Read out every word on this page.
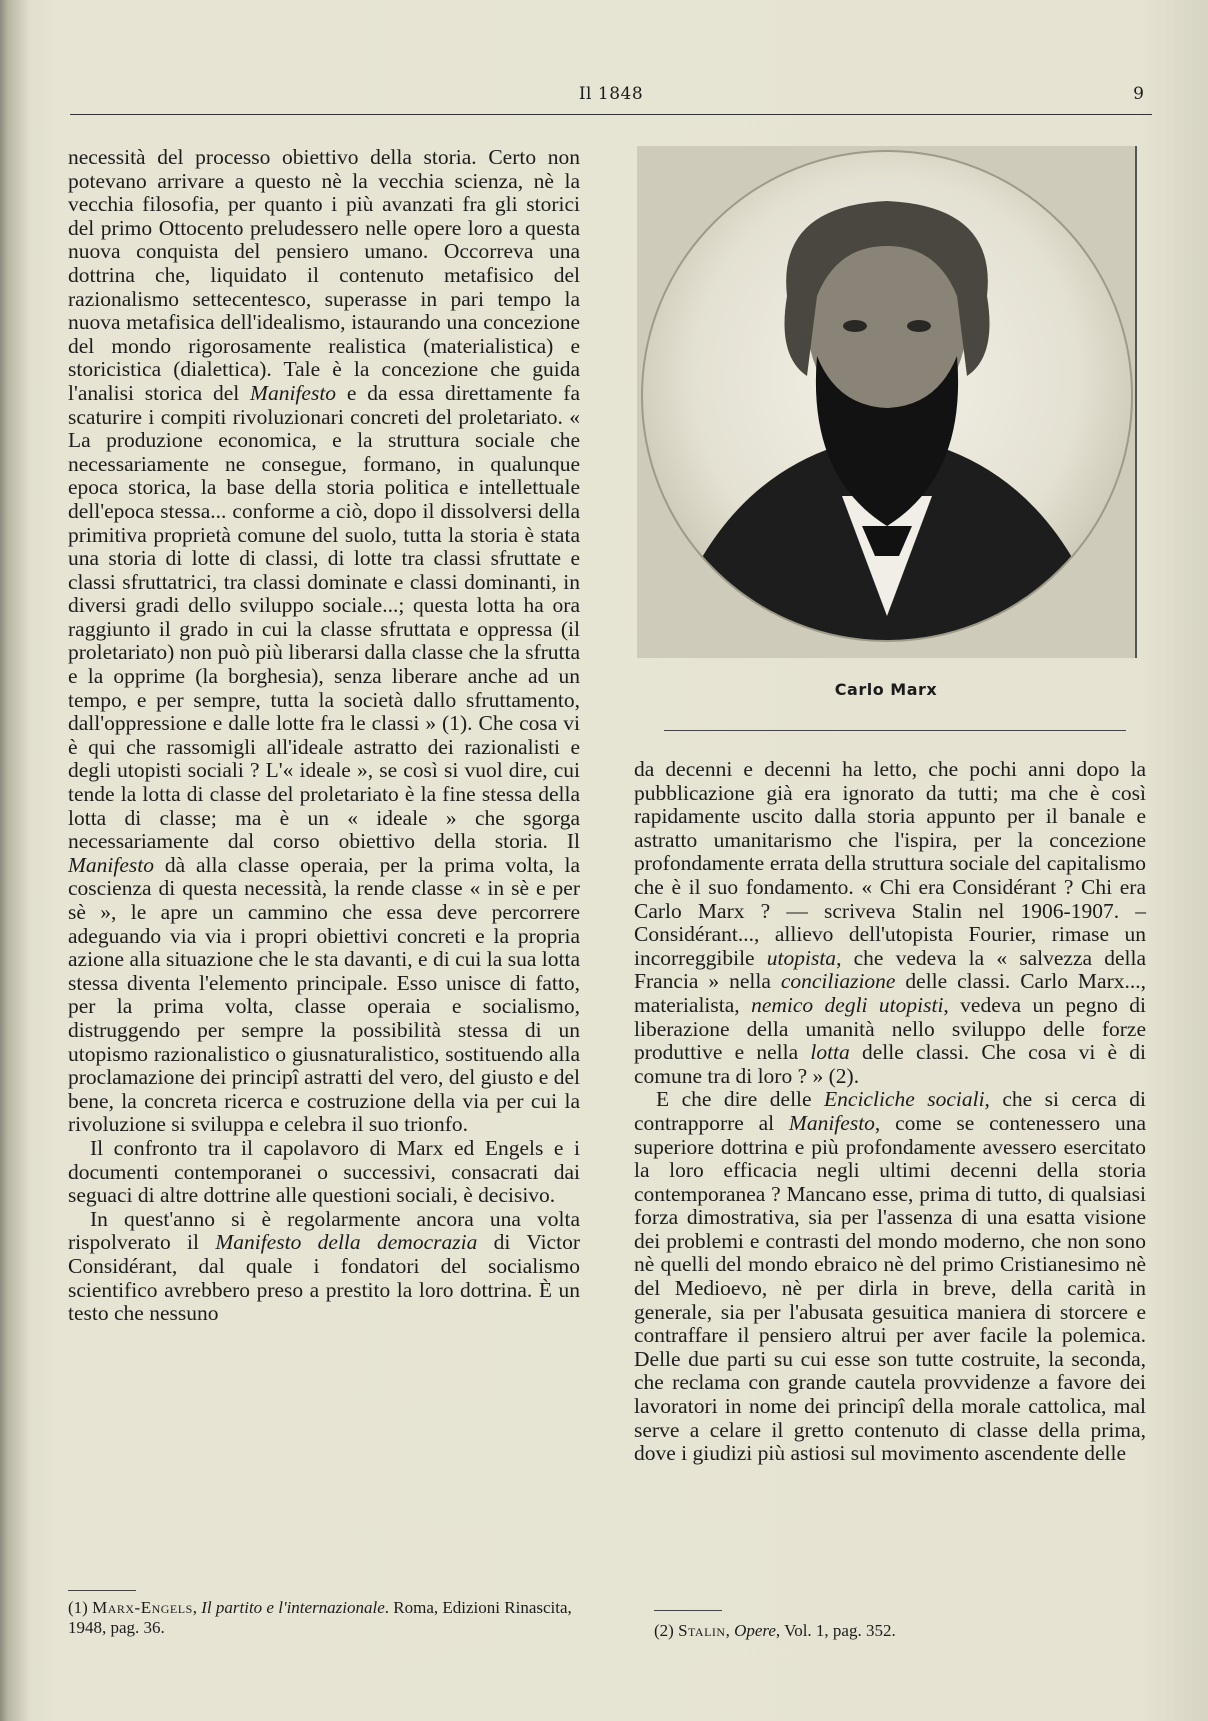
Il 1848	9

necessità del processo obiettivo della storia. Certo non potevano arrivare a questo nè la vecchia scienza, nè la vecchia filosofia, per quanto i più avanzati fra gli storici del primo Ottocento preludessero nelle opere loro a questa nuova conquista del pensiero umano. Occorreva una dottrina che, liquidato il contenuto metafisico del razionalismo settecentesco, superasse in pari tempo la nuova metafisica dell'idealismo, istaurando una concezione del mondo rigorosamente realistica (materialistica) e storicistica (dialettica). Tale è la concezione che guida l'analisi storica del Manifesto e da essa direttamente fa scaturire i compiti rivoluzionari concreti del proletariato. « La produzione economica, e la struttura sociale che necessariamente ne consegue, formano, in qualunque epoca storica, la base della storia politica e intellettuale dell'epoca stessa... conforme a ciò, dopo il dissolversi della primitiva proprietà comune del suolo, tutta la storia è stata una storia di lotte di classi, di lotte tra classi sfruttate e classi sfruttatrici, tra classi dominate e classi dominanti, in diversi gradi dello sviluppo sociale...; questa lotta ha ora raggiunto il grado in cui la classe sfruttata e oppressa (il proletariato) non può più liberarsi dalla classe che la sfrutta e la opprime (la borghesia), senza liberare anche ad un tempo, e per sempre, tutta la società dallo sfruttamento, dall'oppressione e dalle lotte fra le classi » (1). Che cosa vi è qui che rassomigli all'ideale astratto dei razionalisti e degli utopisti sociali ? L'« ideale », se così si vuol dire, cui tende la lotta di classe del proletariato è la fine stessa della lotta di classe; ma è un « ideale » che sgorga necessariamente dal corso obiettivo della storia. Il Manifesto dà alla classe operaia, per la prima volta, la coscienza di questa necessità, la rende classe « in sè e per sè », le apre un cammino che essa deve percorrere adeguando via via i propri obiettivi concreti e la propria azione alla situazione che le sta davanti, e di cui la sua lotta stessa diventa l'elemento principale. Esso unisce di fatto, per la prima volta, classe operaia e socialismo, distruggendo per sempre la possibilità stessa di un utopismo razionalistico o giusnaturalistico, sostituendo alla proclamazione dei principî astratti del vero, del giusto e del bene, la concreta ricerca e costruzione della via per cui la rivoluzione si sviluppa e celebra il suo trionfo.

Il confronto tra il capolavoro di Marx ed Engels e i documenti contemporanei o successivi, consacrati dai seguaci di altre dottrine alle questioni sociali, è decisivo.

In quest'anno si è regolarmente ancora una volta rispolverato il Manifesto della democrazia di Victor Considérant, dal quale i fondatori del socialismo scientifico avrebbero preso a prestito la loro dottrina. È un testo che nessuno

Carlo Marx

da decenni e decenni ha letto, che pochi anni dopo la pubblicazione già era ignorato da tutti; ma che è così rapidamente uscito dalla storia appunto per il banale e astratto umanitarismo che l'ispira, per la concezione profondamente errata della struttura sociale del capitalismo che è il suo fondamento. « Chi era Considérant ? Chi era Carlo Marx ? — scriveva Stalin nel 1906-1907. – Considérant..., allievo dell'utopista Fourier, rimase un incorreggibile utopista, che vedeva la « salvezza della Francia » nella conciliazione delle classi. Carlo Marx..., materialista, nemico degli utopisti, vedeva un pegno di liberazione della umanità nello sviluppo delle forze produttive e nella lotta delle classi. Che cosa vi è di comune tra di loro ? » (2).

E che dire delle Encicliche sociali, che si cerca di contrapporre al Manifesto, come se contenessero una superiore dottrina e più profondamente avessero esercitato la loro efficacia negli ultimi decenni della storia contemporanea ? Mancano esse, prima di tutto, di qualsiasi forza dimostrativa, sia per l'assenza di una esatta visione dei problemi e contrasti del mondo moderno, che non sono nè quelli del mondo ebraico nè del primo Cristianesimo nè del Medioevo, nè per dirla in breve, della carità in generale, sia per l'abusata gesuitica maniera di storcere e contraffare il pensiero altrui per aver facile la polemica. Delle due parti su cui esse son tutte costruite, la seconda, che reclama con grande cautela provvidenze a favore dei lavoratori in nome dei principî della morale cattolica, mal serve a celare il gretto contenuto di classe della prima, dove i giudizi più astiosi sul movimento ascendente delle

(1) Marx-Engels, Il partito e l'internazionale. Roma, Edizioni Rinascita, 1948, pag. 36.	(2) Stalin, Opere, Vol. 1, pag. 352.
